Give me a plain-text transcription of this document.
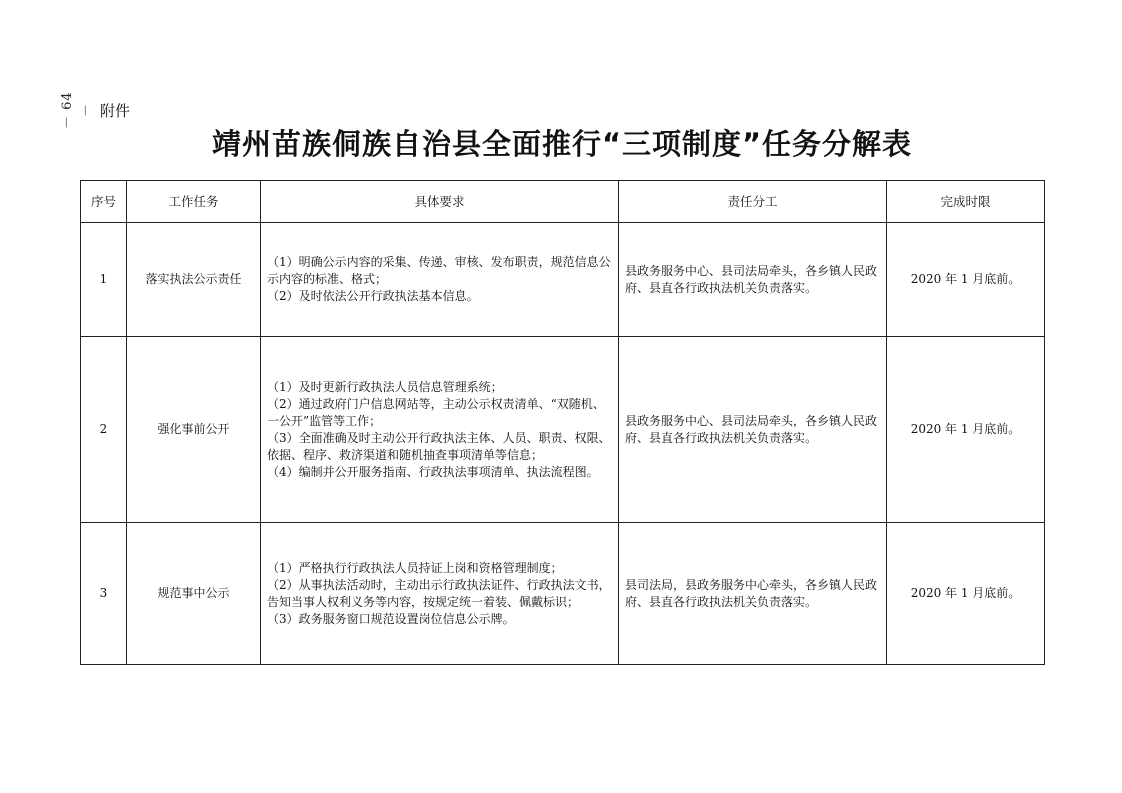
－ 64 － 附件
靖州苗族侗族自治县全面推行“三项制度”任务分解表
序号	工作任务	具体要求	责任分工	完成时限
1	落实执法公示责任	（1）明确公示内容的采集、传递、审核、发布职责，规范信息公示内容的标准、格式；
（2）及时依法公开行政执法基本信息。	县政务服务中心、县司法局牵头，各乡镇人民政府、县直各行政执法机关负责落实。	2020 年 1 月底前。
2	强化事前公开	（1）及时更新行政执法人员信息管理系统；
（2）通过政府门户信息网站等，主动公示权责清单、“双随机、一公开”监管等工作；
（3）全面准确及时主动公开行政执法主体、人员、职责、权限、依据、程序、救济渠道和随机抽查事项清单等信息；
（4）编制并公开服务指南、行政执法事项清单、执法流程图。	县政务服务中心、县司法局牵头，各乡镇人民政府、县直各行政执法机关负责落实。	2020 年 1 月底前。
3	规范事中公示	（1）严格执行行政执法人员持证上岗和资格管理制度；
（2）从事执法活动时，主动出示行政执法证件、行政执法文书，告知当事人权利义务等内容，按规定统一着装、佩戴标识；
（3）政务服务窗口规范设置岗位信息公示牌。	县司法局，县政务服务中心牵头，各乡镇人民政府、县直各行政执法机关负责落实。	2020 年 1 月底前。
